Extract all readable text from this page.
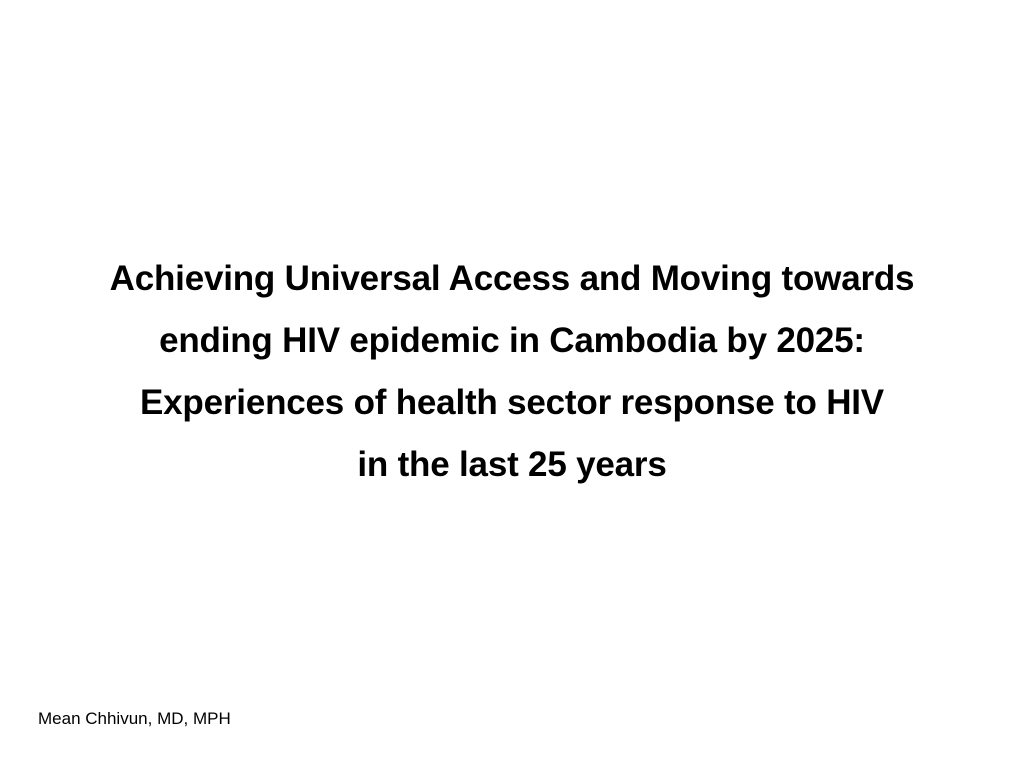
Achieving Universal Access and Moving towards
ending HIV epidemic in Cambodia by 2025:
Experiences of health sector response to HIV
in the last 25 years
Mean Chhivun, MD, MPH
